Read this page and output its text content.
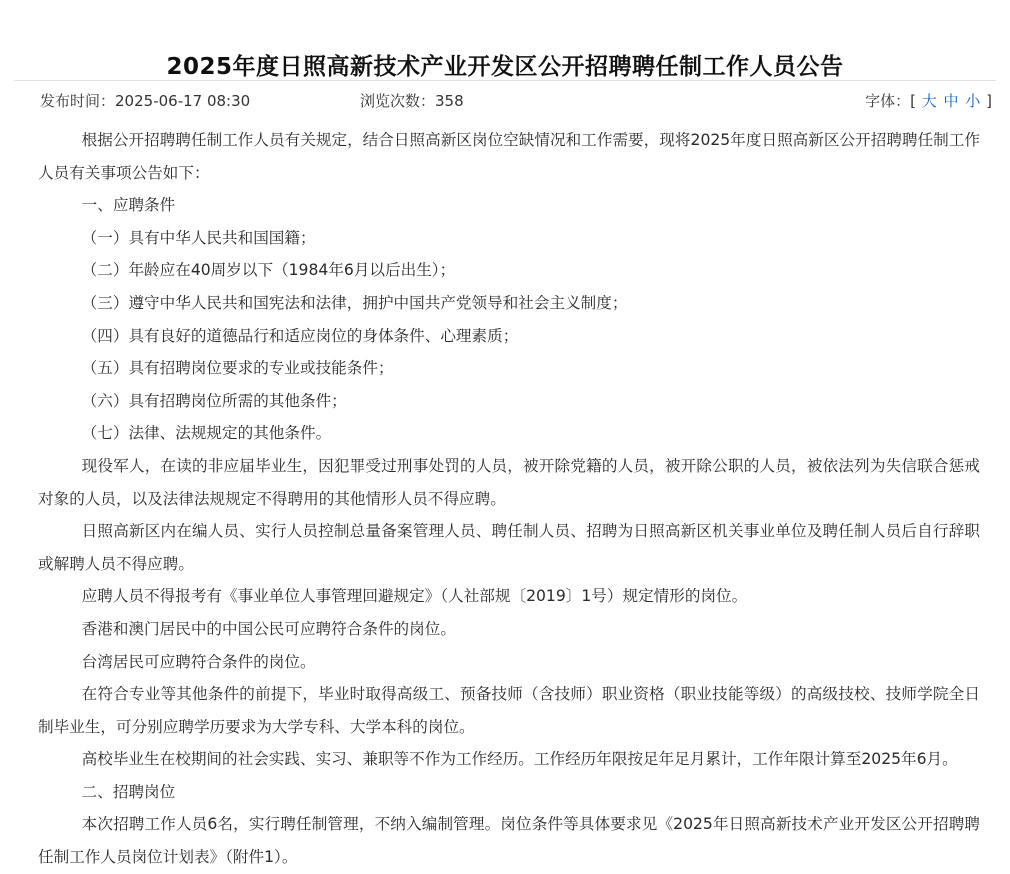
2025年度日照高新技术产业开发区公开招聘聘任制工作人员公告
发布时间：2025-06-17 08:30	浏览次数：358	字体：[ 大 中 小 ]

根据公开招聘聘任制工作人员有关规定，结合日照高新区岗位空缺情况和工作需要，现将2025年度日照高新区公开招聘聘任制工作人员有关事项公告如下：

一、应聘条件

（一）具有中华人民共和国国籍；

（二）年龄应在40周岁以下（1984年6月以后出生）；

（三）遵守中华人民共和国宪法和法律，拥护中国共产党领导和社会主义制度；

（四）具有良好的道德品行和适应岗位的身体条件、心理素质；

（五）具有招聘岗位要求的专业或技能条件；

（六）具有招聘岗位所需的其他条件；

（七）法律、法规规定的其他条件。

现役军人，在读的非应届毕业生，因犯罪受过刑事处罚的人员，被开除党籍的人员，被开除公职的人员，被依法列为失信联合惩戒对象的人员，以及法律法规规定不得聘用的其他情形人员不得应聘。

日照高新区内在编人员、实行人员控制总量备案管理人员、聘任制人员、招聘为日照高新区机关事业单位及聘任制人员后自行辞职或解聘人员不得应聘。

应聘人员不得报考有《事业单位人事管理回避规定》（人社部规〔2019〕1号）规定情形的岗位。

香港和澳门居民中的中国公民可应聘符合条件的岗位。

台湾居民可应聘符合条件的岗位。

在符合专业等其他条件的前提下，毕业时取得高级工、预备技师（含技师）职业资格（职业技能等级）的高级技校、技师学院全日制毕业生，可分别应聘学历要求为大学专科、大学本科的岗位。

高校毕业生在校期间的社会实践、实习、兼职等不作为工作经历。工作经历年限按足年足月累计，工作年限计算至2025年6月。

二、招聘岗位

本次招聘工作人员6名，实行聘任制管理，不纳入编制管理。岗位条件等具体要求见《2025年日照高新技术产业开发区公开招聘聘任制工作人员岗位计划表》（附件1）。
